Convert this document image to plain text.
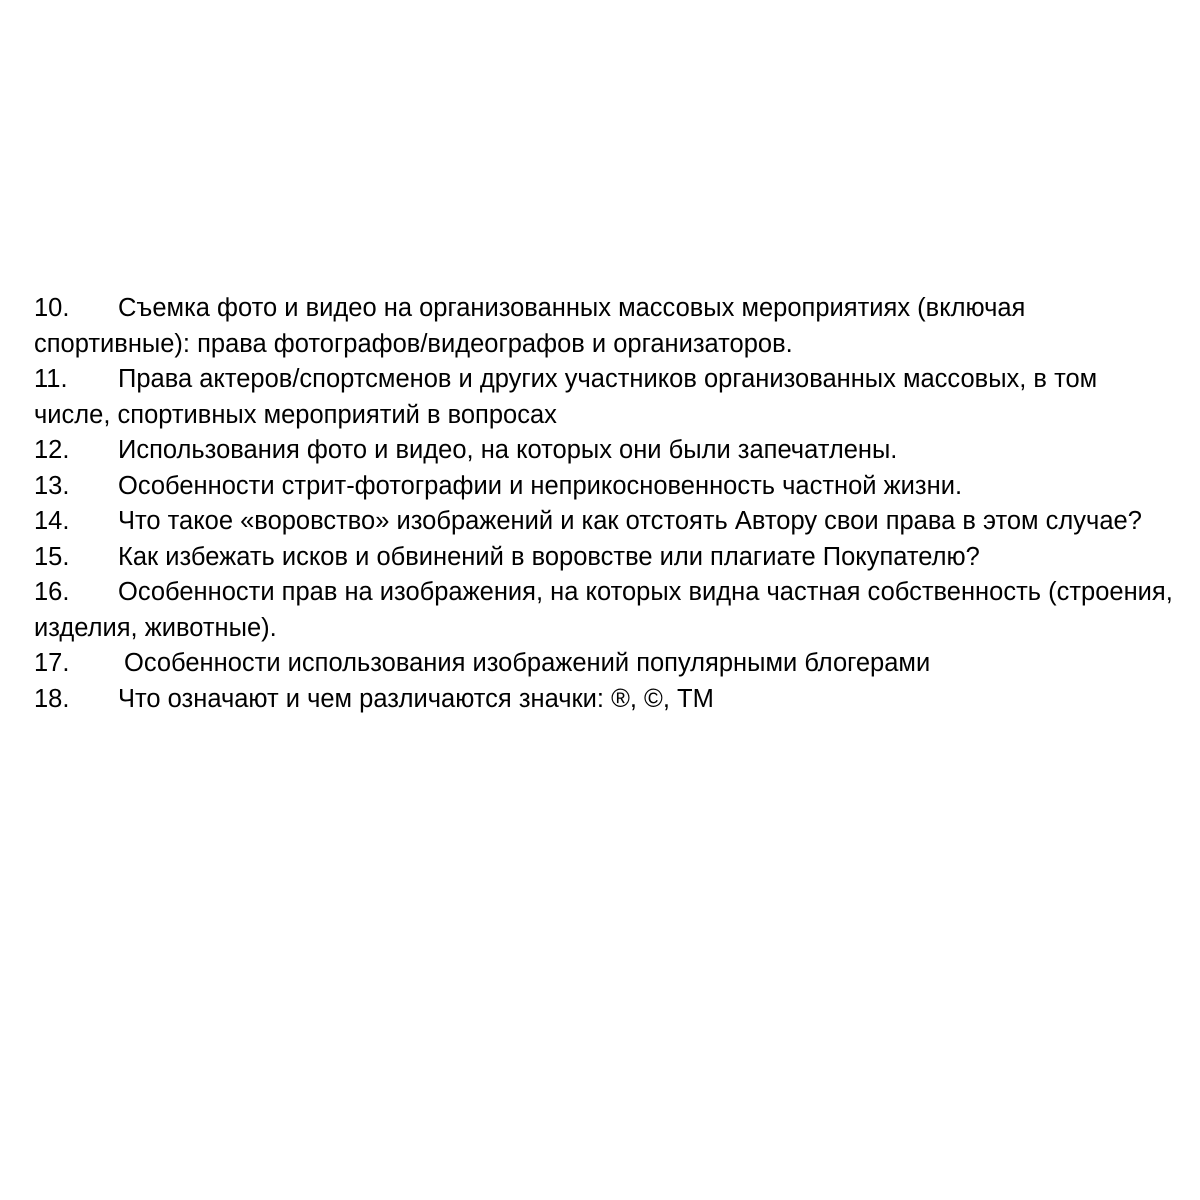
10. Съемка фото и видео на организованных массовых мероприятиях (включая спортивные): права фотографов/видеографов и организаторов.

11. Права актеров/спортсменов и других участников организованных массовых, в том числе, спортивных мероприятий в вопросах

12. Использования фото и видео, на которых они были запечатлены.

13. Особенности стрит-фотографии и неприкосновенность частной жизни.

14. Что такое «воровство» изображений и как отстоять Автору свои права в этом случае?

15. Как избежать исков и обвинений в воровстве или плагиате Покупателю?

16. Особенности прав на изображения, на которых видна частная собственность (строения, изделия, животные).

17. Особенности использования изображений популярными блогерами

18. Что означают и чем различаются значки: ®, ©, TM
